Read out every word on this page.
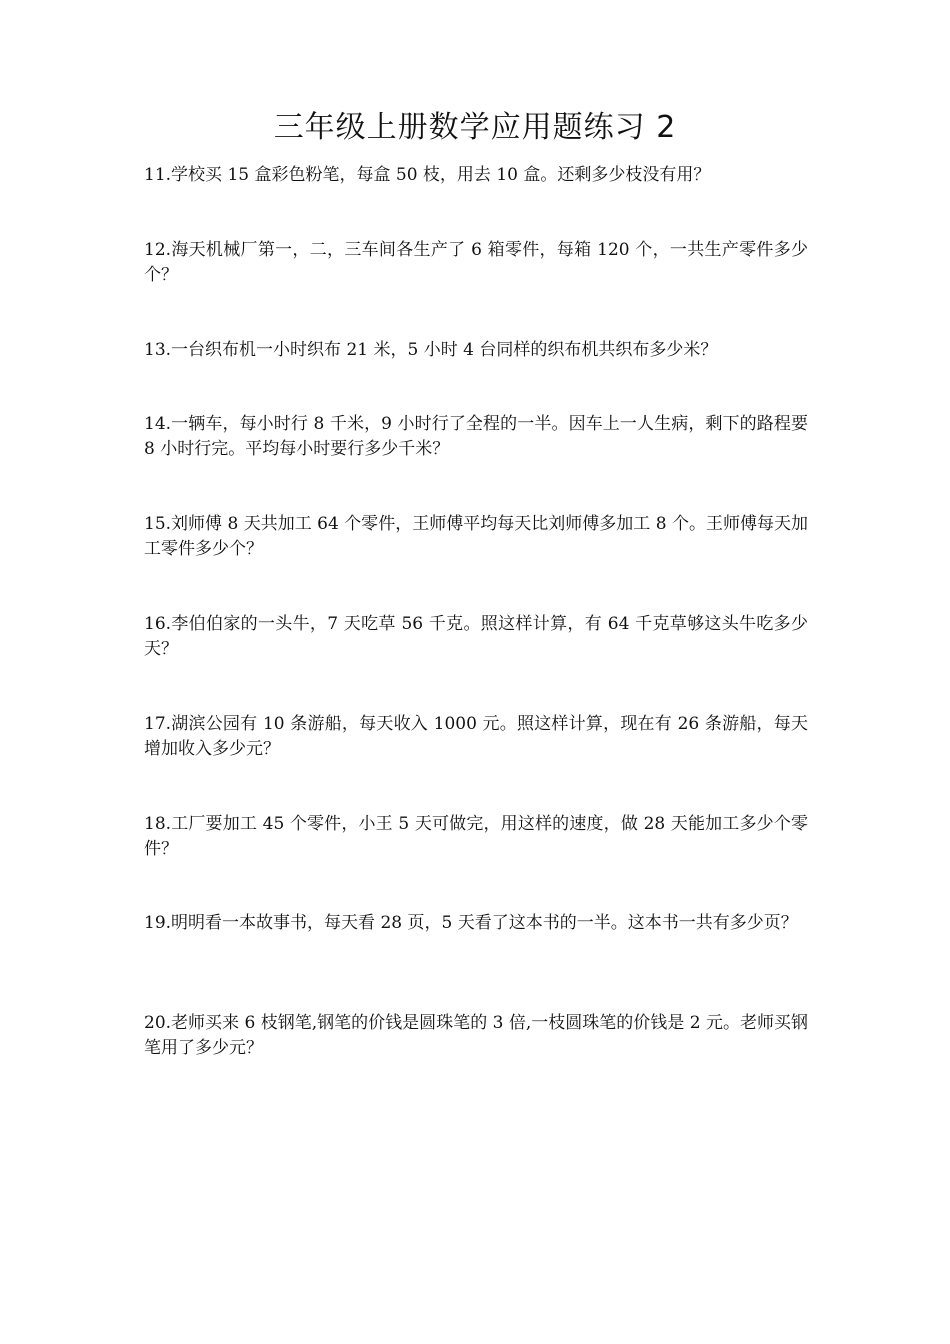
三年级上册数学应用题练习 2
11.学校买 15 盒彩色粉笔，每盒 50 枝，用去 10 盒。还剩多少枝没有用？
12.海天机械厂第一，二，三车间各生产了 6 箱零件，每箱 120 个，一共生产零件多少个？
13.一台织布机一小时织布 21 米，5 小时 4 台同样的织布机共织布多少米？
14.一辆车，每小时行 8 千米，9 小时行了全程的一半。因车上一人生病，剩下的路程要 8 小时行完。平均每小时要行多少千米？
15.刘师傅 8 天共加工 64 个零件，王师傅平均每天比刘师傅多加工 8 个。王师傅每天加工零件多少个？
16.李伯伯家的一头牛，7 天吃草 56 千克。照这样计算，有 64 千克草够这头牛吃多少天？
17.湖滨公园有 10 条游船，每天收入 1000 元。照这样计算，现在有 26 条游船，每天增加收入多少元？
18.工厂要加工 45 个零件，小王 5 天可做完，用这样的速度，做 28 天能加工多少个零件？
19.明明看一本故事书，每天看 28 页，5 天看了这本书的一半。这本书一共有多少页？
20.老师买来 6 枝钢笔,钢笔的价钱是圆珠笔的 3 倍,一枝圆珠笔的价钱是 2 元。老师买钢笔用了多少元？
